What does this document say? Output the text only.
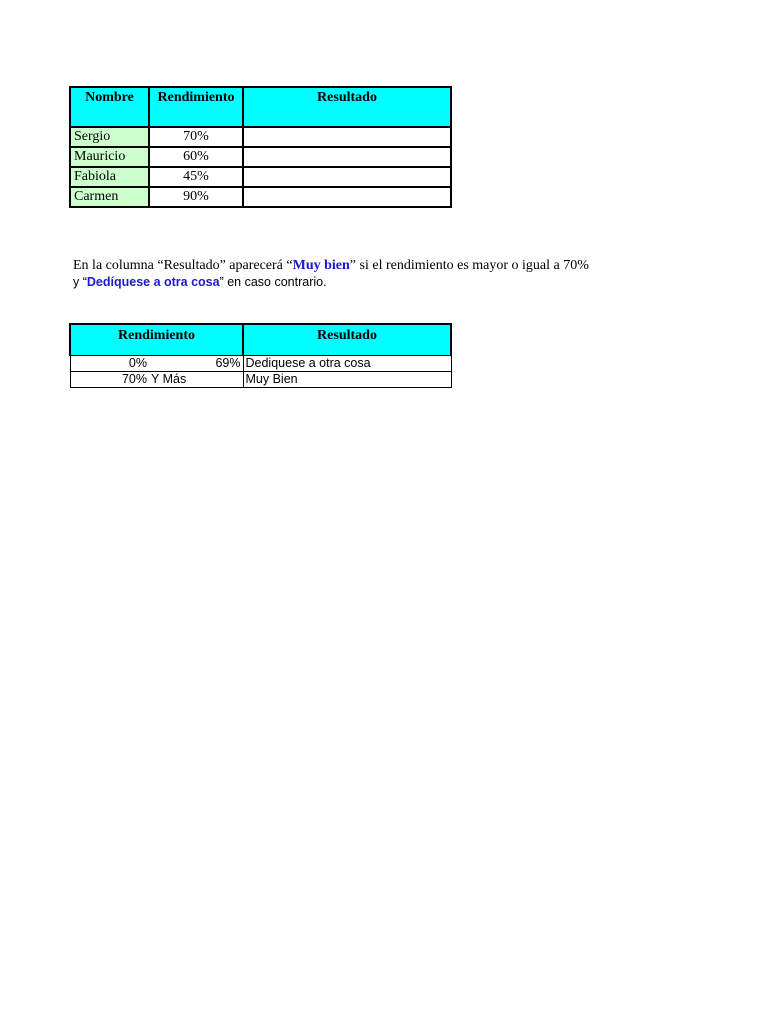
Nombre	Rendimiento	Resultado
Sergio	70%	
Mauricio	60%	
Fabiola	45%	
Carmen	90%	
En la columna “Resultado” aparecerá “Muy bien” si el rendimiento es mayor o igual a 70%
y “Dedíquese a otra cosa” en caso contrario.
Rendimiento		Resultado
0%	69%	Dediquese a otra cosa
70%	Y Más	Muy Bien
